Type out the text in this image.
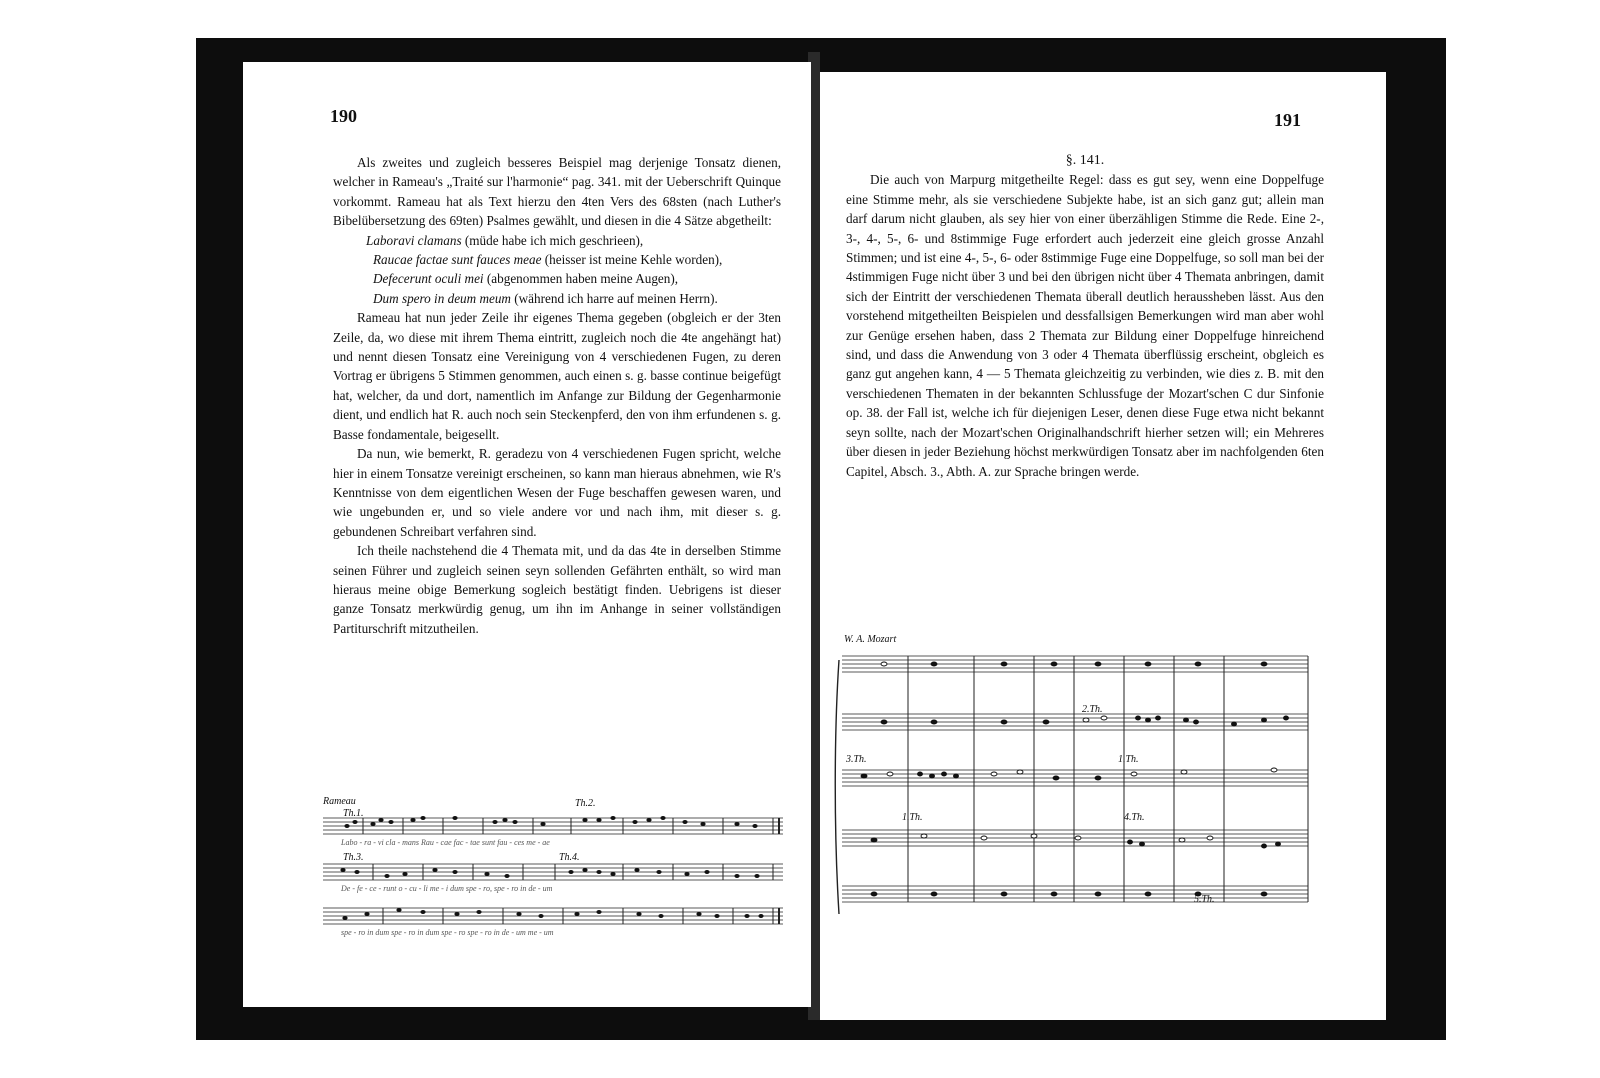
190

Als zweites und zugleich besseres Beispiel mag derjenige Tonsatz dienen, welcher in Rameau's „Traité sur l'harmonie“ pag. 341. mit der Ueberschrift Quinque vorkommt. Rameau hat als Text hierzu den 4ten Vers des 68sten (nach Luther's Bibelübersetzung des 69ten) Psalmes gewählt, und diesen in die 4 Sätze abgetheilt:

Laboravi clamans (müde habe ich mich geschrieen),
Raucae factae sunt fauces meae (heisser ist meine Kehle worden),
Defecerunt oculi mei (abgenommen haben meine Augen),
Dum spero in deum meum (während ich harre auf meinen Herrn).

Rameau hat nun jeder Zeile ihr eigenes Thema gegeben (obgleich er der 3ten Zeile, da, wo diese mit ihrem Thema eintritt, zugleich noch die 4te angehängt hat) und nennt diesen Tonsatz eine Vereinigung von 4 verschiedenen Fugen, zu deren Vortrag er übrigens 5 Stimmen genommen, auch einen s. g. basse continue beigefügt hat, welcher, da und dort, namentlich im Anfange zur Bildung der Gegenharmonie dient, und endlich hat R. auch noch sein Steckenpferd, den von ihm erfundenen s. g. Basse fondamentale, beigesellt.

Da nun, wie bemerkt, R. geradezu von 4 verschiedenen Fugen spricht, welche hier in einem Tonsatze vereinigt erscheinen, so kann man hieraus abnehmen, wie R's Kenntnisse von dem eigentlichen Wesen der Fuge beschaffen gewesen waren, und wie ungebunden er, und so viele andere vor und nach ihm, mit dieser s. g. gebundenen Schreibart verfahren sind.

Ich theile nachstehend die 4 Themata mit, und da das 4te in derselben Stimme seinen Führer und zugleich seinen seyn sollenden Gefährten enthält, so wird man hieraus meine obige Bemerkung sogleich bestätigt finden. Uebrigens ist dieser ganze Tonsatz merkwürdig genug, um ihn im Anhange in seiner vollständigen Partiturschrift mitzutheilen.

Rameau
Th.1.
Th.2.
Th.3.	Th.4.
Labo - ra - vi cla - mans Rau - cae fac - tae sunt fau - ces me - ae
De - fe - ce - runt o - cu - li me - i dum spe - ro, spe - ro in de - um
spe - ro in dum spe - ro in dum spe - ro spe - ro in de - um me - um
191

§. 141.

Die auch von Marpurg mitgetheilte Regel: dass es gut sey, wenn eine Doppelfuge eine Stimme mehr, als sie verschiedene Subjekte habe, ist an sich ganz gut; allein man darf darum nicht glauben, als sey hier von einer überzähligen Stimme die Rede. Eine 2-, 3-, 4-, 5-, 6- und 8stimmige Fuge erfordert auch jederzeit eine gleich grosse Anzahl Stimmen; und ist eine 4-, 5-, 6- oder 8stimmige Fuge eine Doppelfuge, so soll man bei der 4stimmigen Fuge nicht über 3 und bei den übrigen nicht über 4 Themata anbringen, damit sich der Eintritt der verschiedenen Themata überall deutlich heraussheben lässt. Aus den vorstehend mitgetheilten Beispielen und dessfallsigen Bemerkungen wird man aber wohl zur Genüge ersehen haben, dass 2 Themata zur Bildung einer Doppelfuge hinreichend sind, und dass die Anwendung von 3 oder 4 Themata überflüssig erscheint, obgleich es ganz gut angehen kann, 4 — 5 Themata gleichzeitig zu verbinden, wie dies z. B. mit den verschiedenen Thematen in der bekannten Schlussfuge der Mozart'schen C dur Sinfonie op. 38. der Fall ist, welche ich für diejenigen Leser, denen diese Fuge etwa nicht bekannt seyn sollte, nach der Mozart'schen Originalhandschrift hierher setzen will; ein Mehreres über diesen in jeder Beziehung höchst merkwürdigen Tonsatz aber im nachfolgenden 6ten Capitel, Absch. 3., Abth. A. zur Sprache bringen werde.

W. A. Mozart
2.Th.
3.Th.	1.Th.
1.Th.	4.Th.
5.Th.
